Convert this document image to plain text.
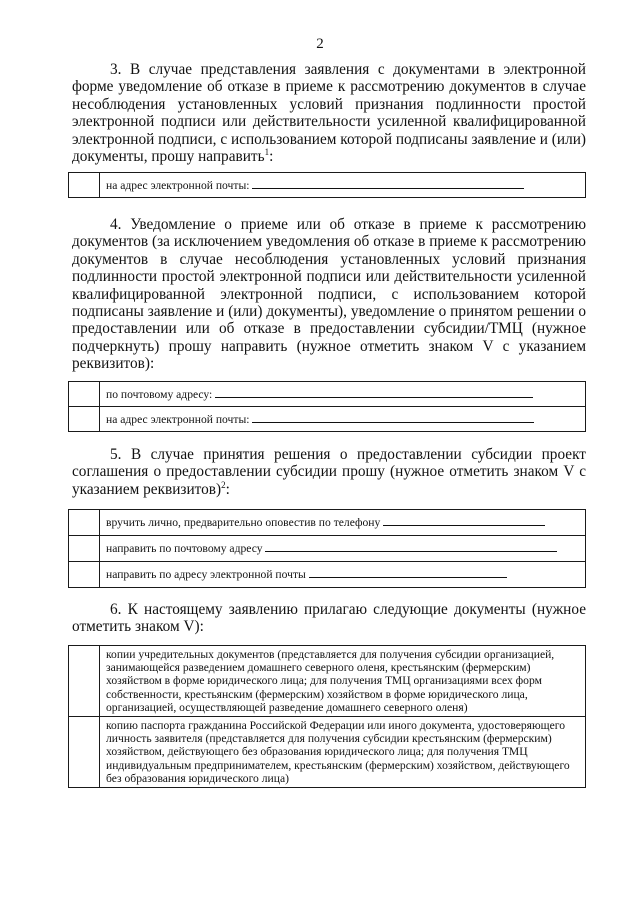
2
3. В случае представления заявления с документами в электронной форме уведомление об отказе в приеме к рассмотрению документов в случае несоблюдения установленных условий признания подлинности простой электронной подписи или действительности усиленной квалифицированной электронной подписи, с использованием которой подписаны заявление и (или) документы, прошу направить$^1$:
	на адрес электронной почты:
4. Уведомление о приеме или об отказе в приеме к рассмотрению документов (за исключением уведомления об отказе в приеме к рассмотрению документов в случае несоблюдения установленных условий признания подлинности простой электронной подписи или действительности усиленной квалифицированной электронной подписи, с использованием которой подписаны заявление и (или) документы), уведомление о принятом решении о предоставлении или об отказе в предоставлении субсидии/ТМЦ (нужное подчеркнуть) прошу направить (нужное отметить знаком V с указанием реквизитов):
	по почтовому адресу:
	на адрес электронной почты:
5. В случае принятия решения о предоставлении субсидии проект соглашения о предоставлении субсидии прошу (нужное отметить знаком V с указанием реквизитов)$^2$:
	вручить лично, предварительно оповестив по телефону
	направить по почтовому адресу
	направить по адресу электронной почты
6. К настоящему заявлению прилагаю следующие документы (нужное отметить знаком V):
	копии учредительных документов (представляется для получения субсидии организацией, занимающейся разведением домашнего северного оленя, крестьянским (фермерским) хозяйством в форме юридического лица; для получения ТМЦ организациями всех форм собственности, крестьянским (фермерским) хозяйством в форме юридического лица, организацией, осуществляющей разведение домашнего северного оленя)
	копию паспорта гражданина Российской Федерации или иного документа, удостоверяющего личность заявителя (представляется для получения субсидии крестьянским (фермерским) хозяйством, действующего без образования юридического лица; для получения ТМЦ индивидуальным предпринимателем, крестьянским (фермерским) хозяйством, действующего без образования юридического лица)
